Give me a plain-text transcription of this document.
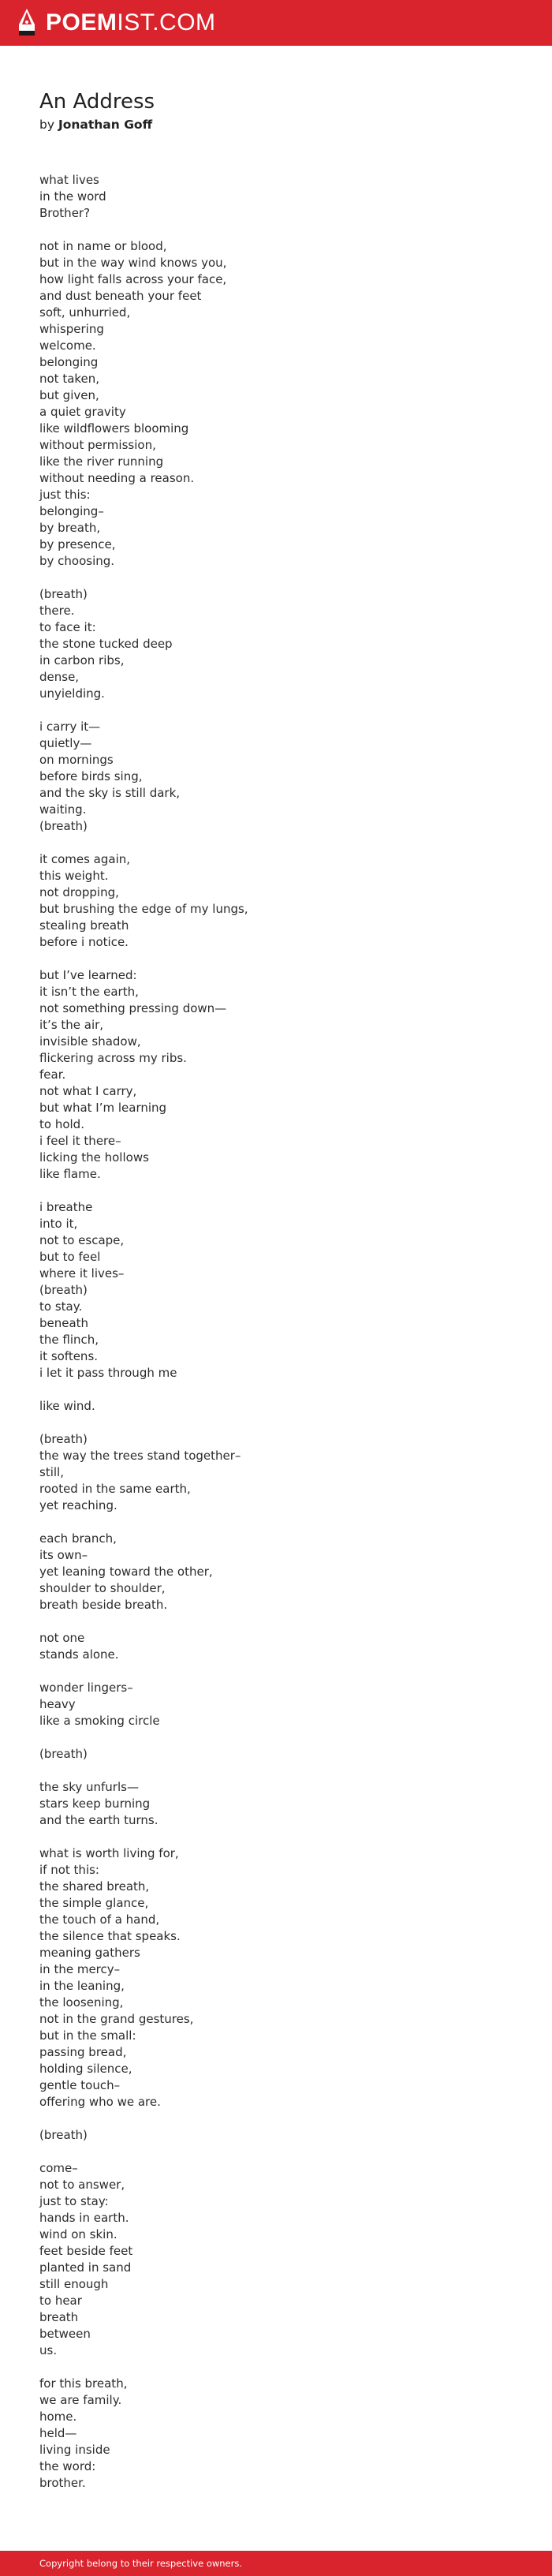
POEMIST.COM
An Address
by Jonathan Goff
what lives
in the word
Brother?
not in name or blood,
but in the way wind knows you,
how light falls across your face,
and dust beneath your feet
soft, unhurried,
whispering
welcome.
belonging
not taken,
but given,
a quiet gravity
like wildflowers blooming
without permission,
like the river running
without needing a reason.
just this:
belonging–
by breath,
by presence,
by choosing.
(breath)
there.
to face it:
the stone tucked deep
in carbon ribs,
dense,
unyielding.
i carry it—
quietly—
on mornings
before birds sing,
and the sky is still dark,
waiting.
(breath)
it comes again,
this weight.
not dropping,
but brushing the edge of my lungs,
stealing breath
before i notice.
but I’ve learned:
it isn’t the earth,
not something pressing down—
it’s the air,
invisible shadow,
flickering across my ribs.
fear.
not what I carry,
but what I’m learning
to hold.
i feel it there–
licking the hollows
like flame.
i breathe
into it,
not to escape,
but to feel
where it lives–
(breath)
to stay.
beneath
the flinch,
it softens.
i let it pass through me
like wind.
(breath)
the way the trees stand together–
still,
rooted in the same earth,
yet reaching.
each branch,
its own–
yet leaning toward the other,
shoulder to shoulder,
breath beside breath.
not one
stands alone.
wonder lingers–
heavy
like a smoking circle
(breath)
the sky unfurls—
stars keep burning
and the earth turns.
what is worth living for,
if not this:
the shared breath,
the simple glance,
the touch of a hand,
the silence that speaks.
meaning gathers
in the mercy–
in the leaning,
the loosening,
not in the grand gestures,
but in the small:
passing bread,
holding silence,
gentle touch–
offering who we are.
(breath)
come–
not to answer,
just to stay:
hands in earth.
wind on skin.
feet beside feet
planted in sand
still enough
to hear
breath
between
us.
for this breath,
we are family.
home.
held—
living inside
the word:
brother.
Copyright belong to their respective owners.
